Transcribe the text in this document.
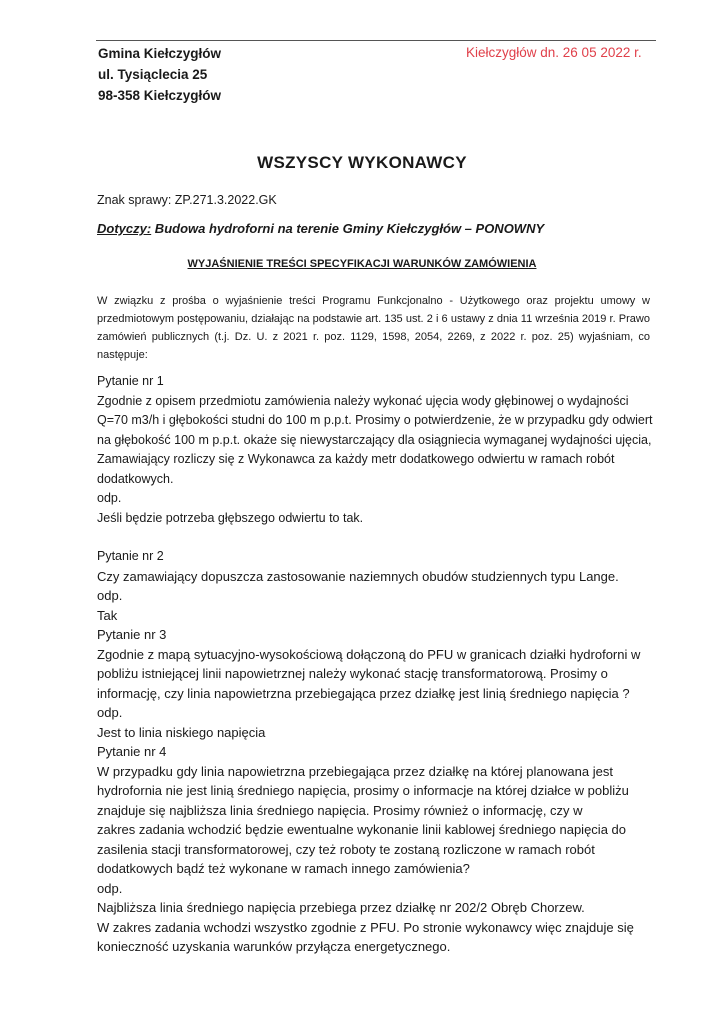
Gmina Kiełczygłów
ul. Tysiąclecia 25
98-358 Kiełczygłów
Kiełczygłów dn. 26 05 2022 r.
WSZYSCY WYKONAWCY
Znak sprawy: ZP.271.3.2022.GK
Dotyczy: Budowa hydroforni na terenie Gminy Kiełczygłów – PONOWNY
WYJAŚNIENIE TREŚCI SPECYFIKACJI WARUNKÓW ZAMÓWIENIA
W związku z prośba o wyjaśnienie treści Programu Funkcjonalno - Użytkowego oraz projektu umowy w przedmiotowym postępowaniu, działając na podstawie art. 135 ust. 2 i 6 ustawy z dnia 11 września 2019 r. Prawo zamówień publicznych (t.j. Dz. U. z 2021 r. poz. 1129, 1598, 2054, 2269, z 2022 r. poz. 25) wyjaśniam, co następuje:
Pytanie nr 1
Zgodnie z opisem przedmiotu zamówienia należy wykonać ujęcia wody głębinowej o wydajności
Q=70 m3/h i głębokości studni do 100 m p.p.t. Prosimy o potwierdzenie, że w przypadku gdy odwiert
na głębokość 100 m p.p.t. okaże się niewystarczający dla osiągniecia wymaganej wydajności ujęcia,
Zamawiający rozliczy się z Wykonawca za każdy metr dodatkowego odwiertu w ramach robót
dodatkowych.
odp.
Jeśli będzie potrzeba głębszego odwiertu to tak.
Pytanie nr 2
Czy zamawiający dopuszcza zastosowanie naziemnych obudów studziennych typu Lange.
odp.
Tak
Pytanie nr 3
Zgodnie z mapą sytuacyjno-wysokościową dołączoną do PFU w granicach działki hydroforni w
pobliżu istniejącej linii napowietrznej należy wykonać stację transformatorową. Prosimy o
informację, czy linia napowietrzna przebiegająca przez działkę jest linią średniego napięcia ?
odp.
Jest to linia niskiego napięcia
Pytanie nr 4
W przypadku gdy linia napowietrzna przebiegająca przez działkę na której planowana jest
hydrofornia nie jest linią średniego napięcia, prosimy o informacje na której działce w pobliżu
znajduje się najbliższa linia średniego napięcia. Prosimy również o informację, czy w
zakres zadania wchodzić będzie ewentualne wykonanie linii kablowej średniego napięcia do
zasilenia stacji transformatorowej, czy też roboty te zostaną rozliczone w ramach robót
dodatkowych bądź też wykonane w ramach innego zamówienia?
odp.
Najbliższa linia średniego napięcia przebiega przez działkę nr 202/2 Obręb Chorzew.
W zakres zadania wchodzi wszystko zgodnie z PFU. Po stronie wykonawcy więc znajduje się
konieczność uzyskania warunków przyłącza energetycznego.
